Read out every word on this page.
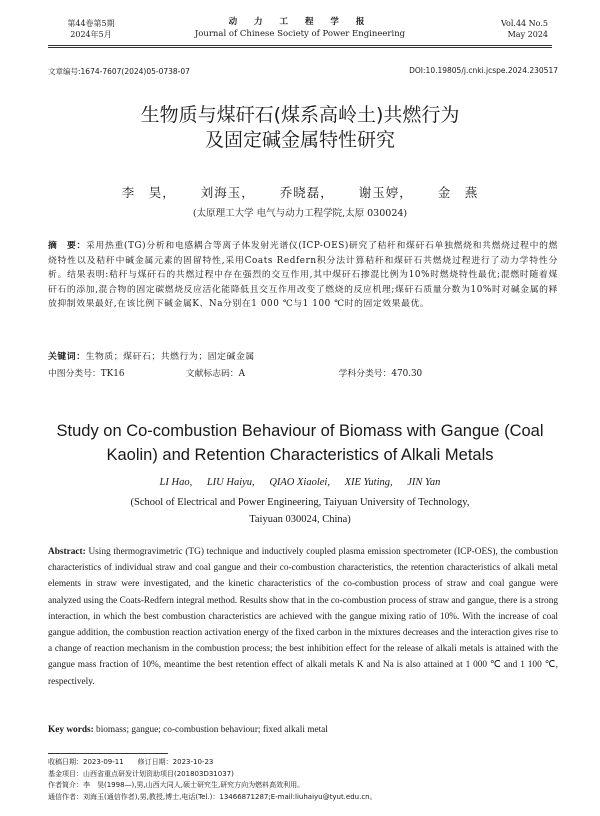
第44卷第5期
2024年5月
动 力 工 程 学 报
Journal of Chinese Society of Power Engineering
Vol.44 No.5
May 2024
文章编号:1674-7607(2024)05-0738-07	DOI:10.19805/j.cnki.jcspe.2024.230517
生物质与煤矸石(煤系高岭土)共燃行为
及固定碱金属特性研究
李　昊， 刘海玉， 乔晓磊， 谢玉婷， 金　燕
(太原理工大学 电气与动力工程学院,太原 030024)
摘　要：采用热重(TG)分析和电感耦合等离子体发射光谱仪(ICP-OES)研究了秸秆和煤矸石单独燃烧和共燃烧过程中的燃烧特性以及秸秆中碱金属元素的固留特性,采用Coats Redfern积分法计算秸秆和煤矸石共燃烧过程进行了动力学特性分析。结果表明:秸秆与煤矸石的共燃过程中存在强烈的交互作用,其中煤矸石掺混比例为10%时燃烧特性最优;混燃时随着煤矸石的添加,混合物的固定碳燃烧反应活化能降低且交互作用改变了燃烧的反应机理;煤矸石质量分数为10%时对碱金属的释放抑制效果最好,在该比例下碱金属K、Na分别在1 000 ℃与1 100 ℃时的固定效果最优。
关键词：生物质；煤矸石；共燃行为；固定碱金属
中图分类号：TK16	文献标志码：A	学科分类号：470.30
Study on Co-combustion Behaviour of Biomass with Gangue (Coal
Kaolin) and Retention Characteristics of Alkali Metals
LI Hao, LIU Haiyu, QIAO Xiaolei, XIE Yuting, JIN Yan
(School of Electrical and Power Engineering, Taiyuan University of Technology,
Taiyuan 030024, China)
Abstract: Using thermogravimetric (TG) technique and inductively coupled plasma emission spectrometer (ICP-OES), the combustion characteristics of individual straw and coal gangue and their co-combustion characteristics, the retention characteristics of alkali metal elements in straw were investigated, and the kinetic characteristics of the co-combustion process of straw and coal gangue were analyzed using the Coats-Redfern integral method. Results show that in the co-combustion process of straw and gangue, there is a strong interaction, in which the best combustion characteristics are achieved with the gangue mixing ratio of 10%. With the increase of coal gangue addition, the combustion reaction activation energy of the fixed carbon in the mixtures decreases and the interaction gives rise to a change of reaction mechanism in the combustion process; the best inhibition effect for the release of alkali metals is attained with the gangue mass fraction of 10%, meantime the best retention effect of alkali metals K and Na is also attained at 1 000 ℃ and 1 100 ℃, respectively.
Key words: biomass; gangue; co-combustion behaviour; fixed alkali metal
收稿日期：2023-09-11　　修订日期：2023-10-23
基金项目：山西省重点研发计划资助项目(201803D31037)
作者简介：李　昊(1998—),男,山西大同人,硕士研究生,研究方向为燃料高效利用。
通信作者：刘海玉(通信作者),男,教授,博士,电话(Tel.)：13466871287;E-mail:liuhaiyu@tyut.edu.cn。
